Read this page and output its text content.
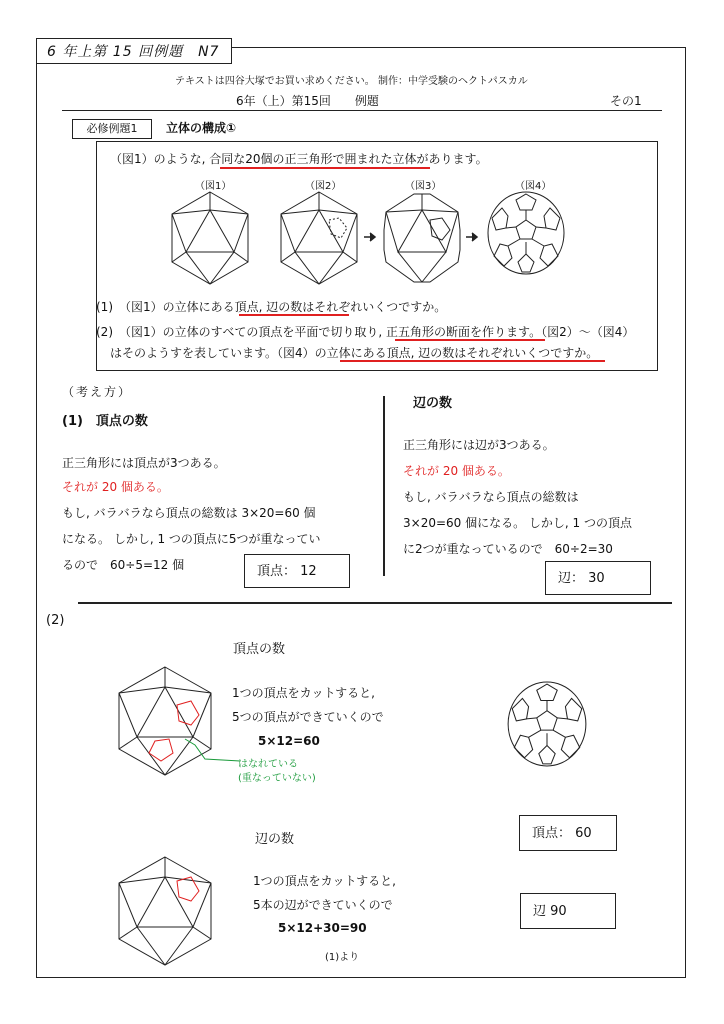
6 年上第 15 回例題　N7
テキストは四谷大塚でお買い求めください。 制作：中学受験のヘクトパスカル
6年（上）第15回　　例題	その1
必修例題1	立体の構成①
（図1）のような, 合同な20個の正三角形で囲まれた立体があります。
（図1）	（図2）	（図3）	（図4）
(1)　（図1）の立体にある頂点, 辺の数はそれぞれいくつですか。
(2)　（図1）の立体のすべての頂点を平面で切り取り, 正五角形の断面を作ります。（図2）～（図4）
はそのようすを表しています。（図4）の立体にある頂点, 辺の数はそれぞれいくつですか。
（考え方）
(1)　頂点の数
正三角形には頂点が3つある。
それが 20 個ある。
もし, バラバラなら頂点の総数は 3×20=60 個
になる。 しかし, 1 つの頂点に5つが重なってい
るので　60÷5=12 個	頂点： 12
辺の数
正三角形には辺が3つある。
それが 20 個ある。
もし, バラバラなら頂点の総数は
3×20=60 個になる。 しかし, 1 つの頂点
に2つが重なっているので　60÷2=30
辺： 30
(2)
頂点の数
1つの頂点をカットすると,
5つの頂点ができていくので
5×12=60
はなれている
(重なっていない)
頂点： 60
辺の数
1つの頂点をカットすると,
5本の辺ができていくので
5×12+30=90
(1)より
辺 90
